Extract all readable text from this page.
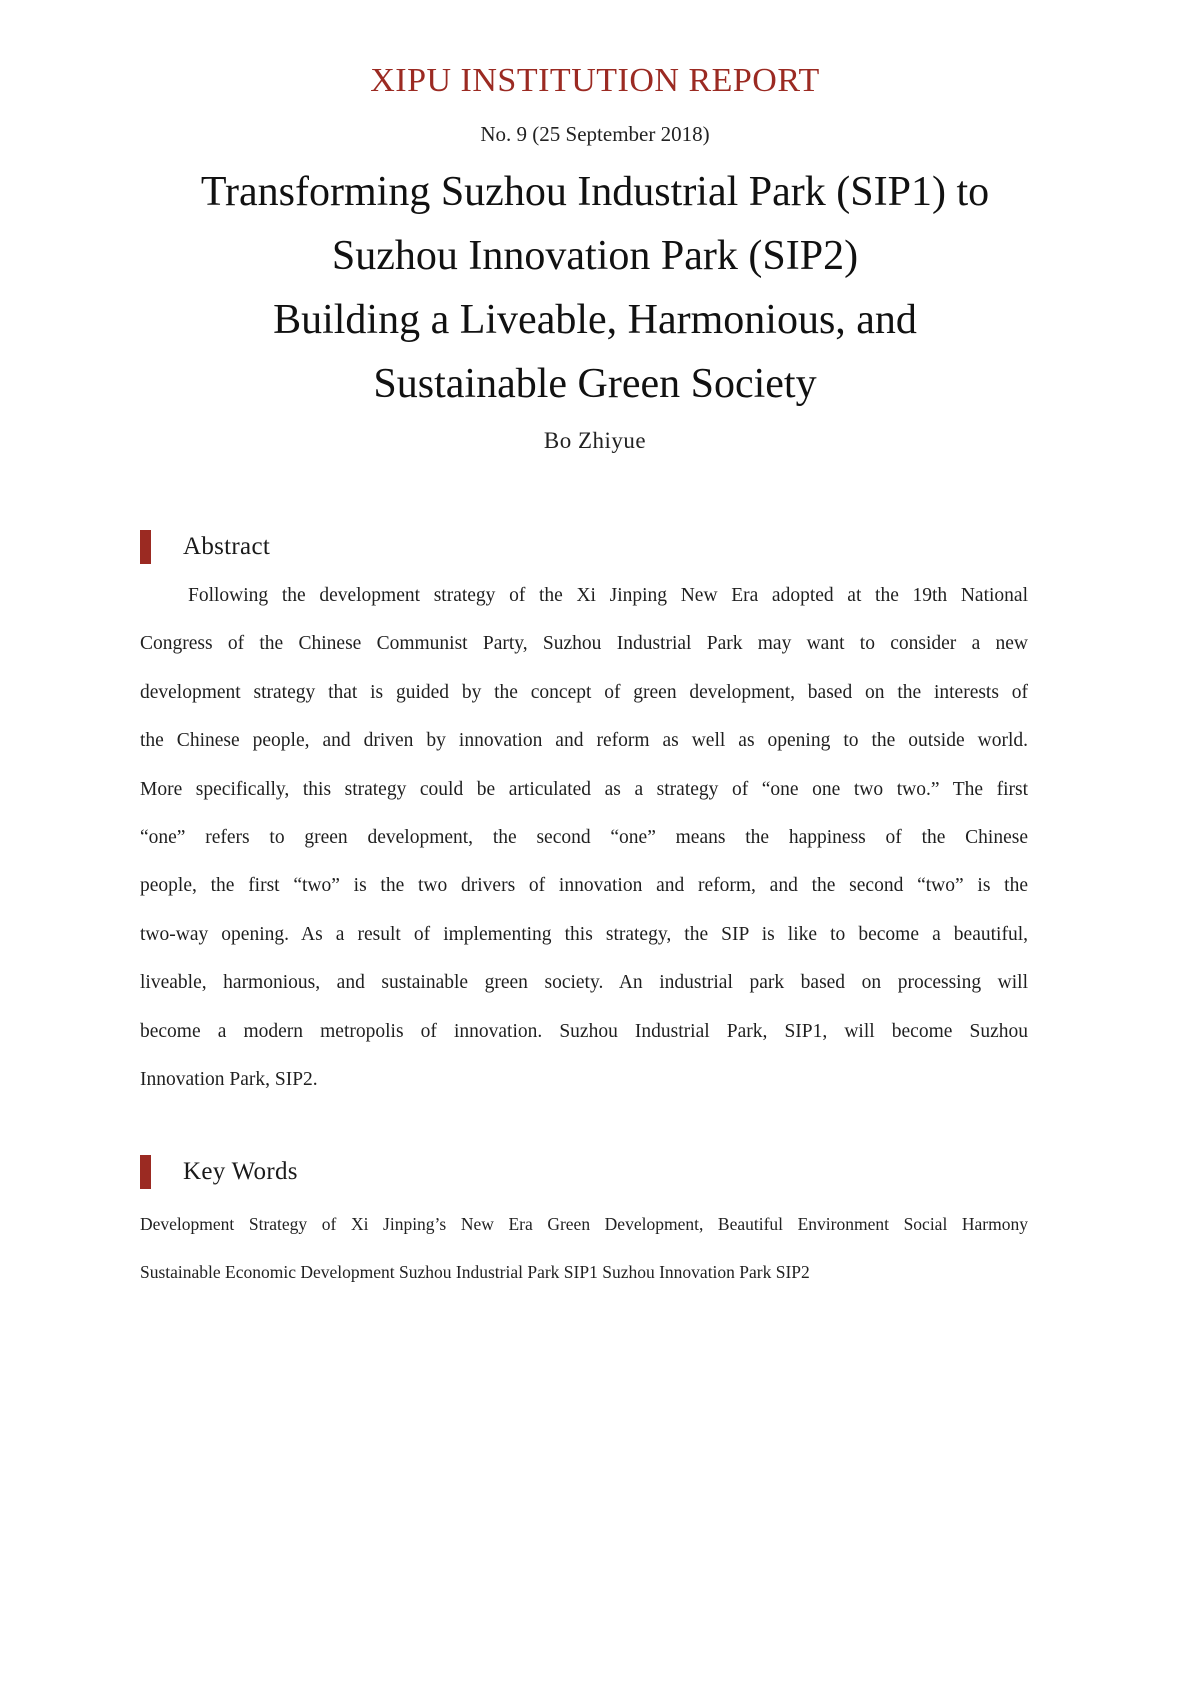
XIPU INSTITUTION REPORT
No. 9 (25 September 2018)
Transforming Suzhou Industrial Park (SIP1) to
Suzhou Innovation Park (SIP2)
Building a Liveable, Harmonious, and
Sustainable Green Society
Bo Zhiyue
Abstract
Following the development strategy of the Xi Jinping New Era adopted at the 19th National
Congress of the Chinese Communist Party, Suzhou Industrial Park may want to consider a new
development strategy that is guided by the concept of green development, based on the interests of
the Chinese people, and driven by innovation and reform as well as opening to the outside world.
More specifically, this strategy could be articulated as a strategy of “one one two two.” The first
“one” refers to green development, the second “one” means the happiness of the Chinese
people, the first “two” is the two drivers of innovation and reform, and the second “two” is the
two-way opening. As a result of implementing this strategy, the SIP is like to become a beautiful,
liveable, harmonious, and sustainable green society. An industrial park based on processing will
become a modern metropolis of innovation. Suzhou Industrial Park, SIP1, will become Suzhou
Innovation Park, SIP2.
Key Words
Development Strategy of Xi Jinping’s New Era Green Development, Beautiful Environment Social Harmony
Sustainable Economic Development Suzhou Industrial Park SIP1 Suzhou Innovation Park SIP2
